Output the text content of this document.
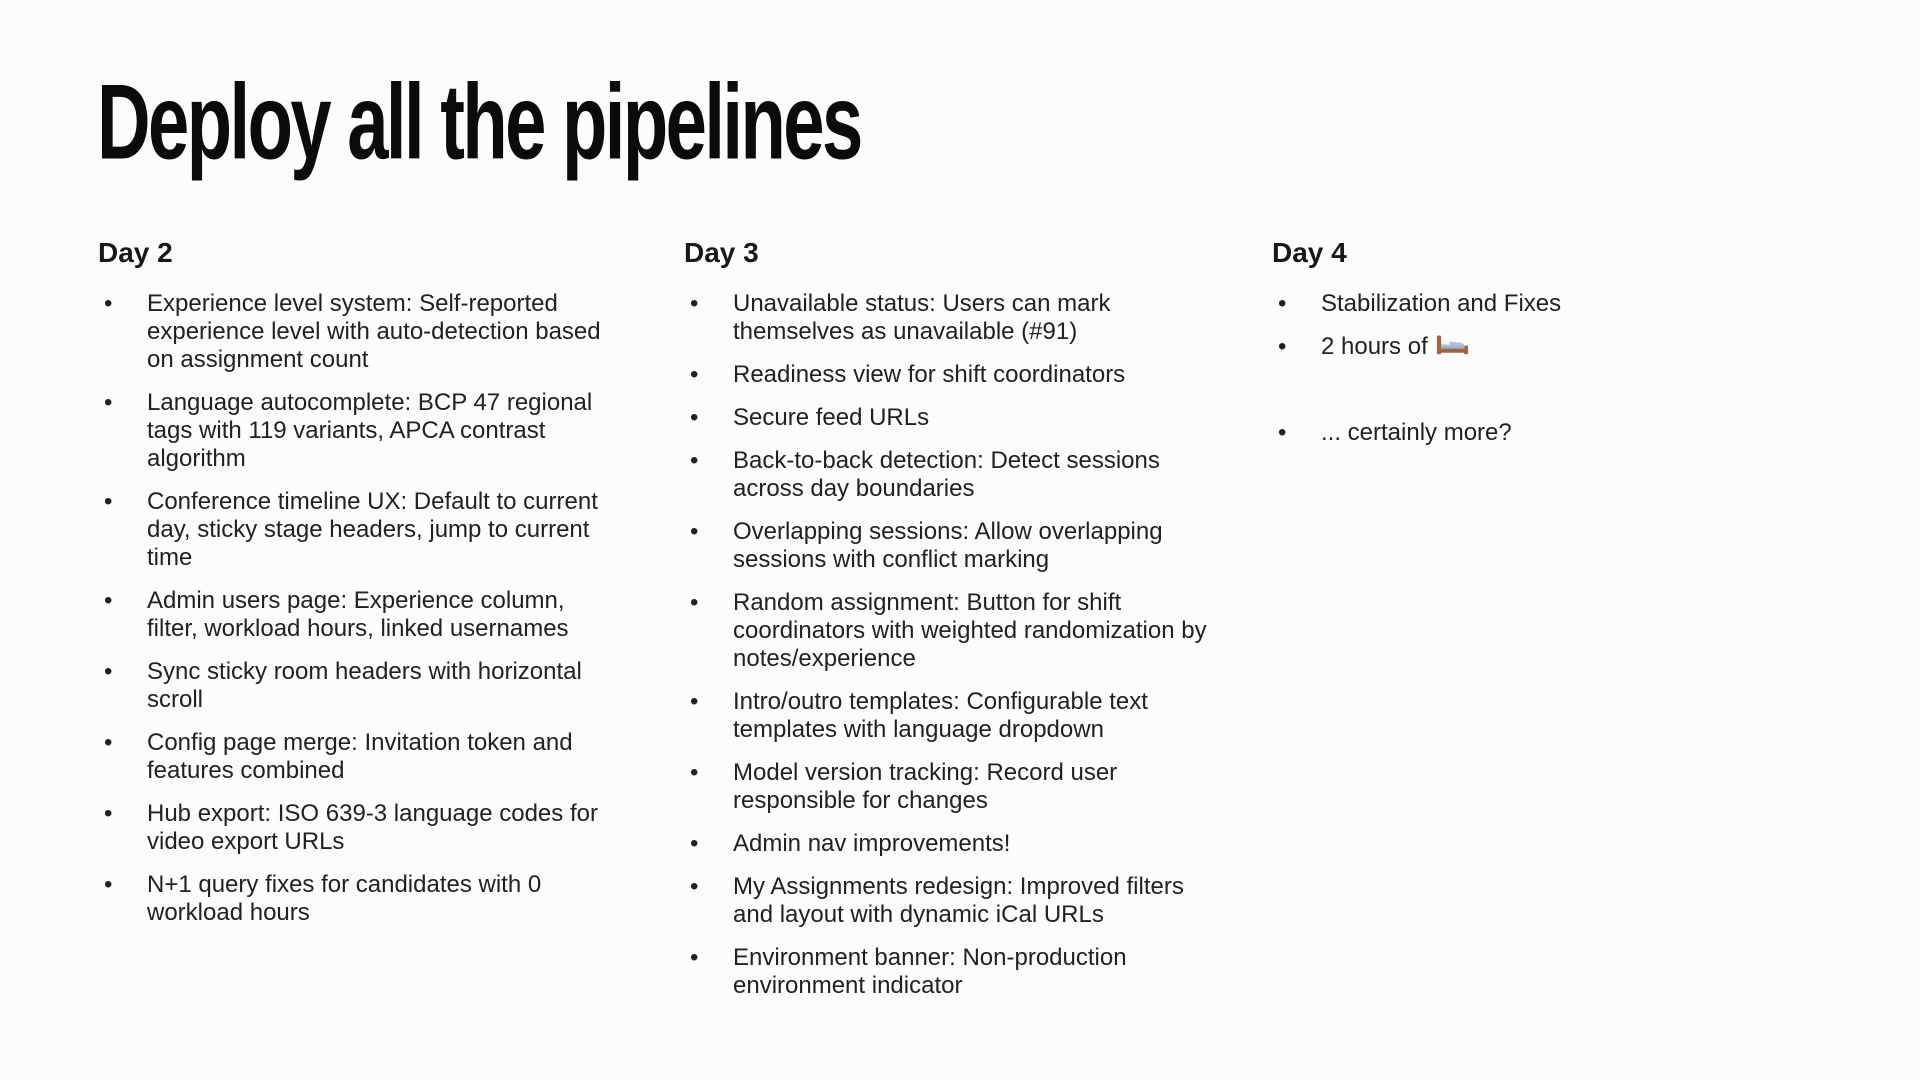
Deploy all the pipelines
Day 2
•	Experience level system: Self-reported experience level with auto-detection based on assignment count
•	Language autocomplete: BCP 47 regional tags with 119 variants, APCA contrast algorithm
•	Conference timeline UX: Default to current day, sticky stage headers, jump to current time
•	Admin users page: Experience column, filter, workload hours, linked usernames
•	Sync sticky room headers with horizontal scroll
•	Config page merge: Invitation token and features combined
•	Hub export: ISO 639-3 language codes for video export URLs
•	N+1 query fixes for candidates with 0 workload hours
Day 3
•	Unavailable status: Users can mark themselves as unavailable (#91)
•	Readiness view for shift coordinators
•	Secure feed URLs
•	Back-to-back detection: Detect sessions across day boundaries
•	Overlapping sessions: Allow overlapping sessions with conflict marking
•	Random assignment: Button for shift coordinators with weighted randomization by notes/experience
•	Intro/outro templates: Configurable text templates with language dropdown
•	Model version tracking: Record user responsible for changes
•	Admin nav improvements!
•	My Assignments redesign: Improved filters and layout with dynamic iCal URLs
•	Environment banner: Non-production environment indicator
Day 4
•	Stabilization and Fixes
•	2 hours of
•	... certainly more?
